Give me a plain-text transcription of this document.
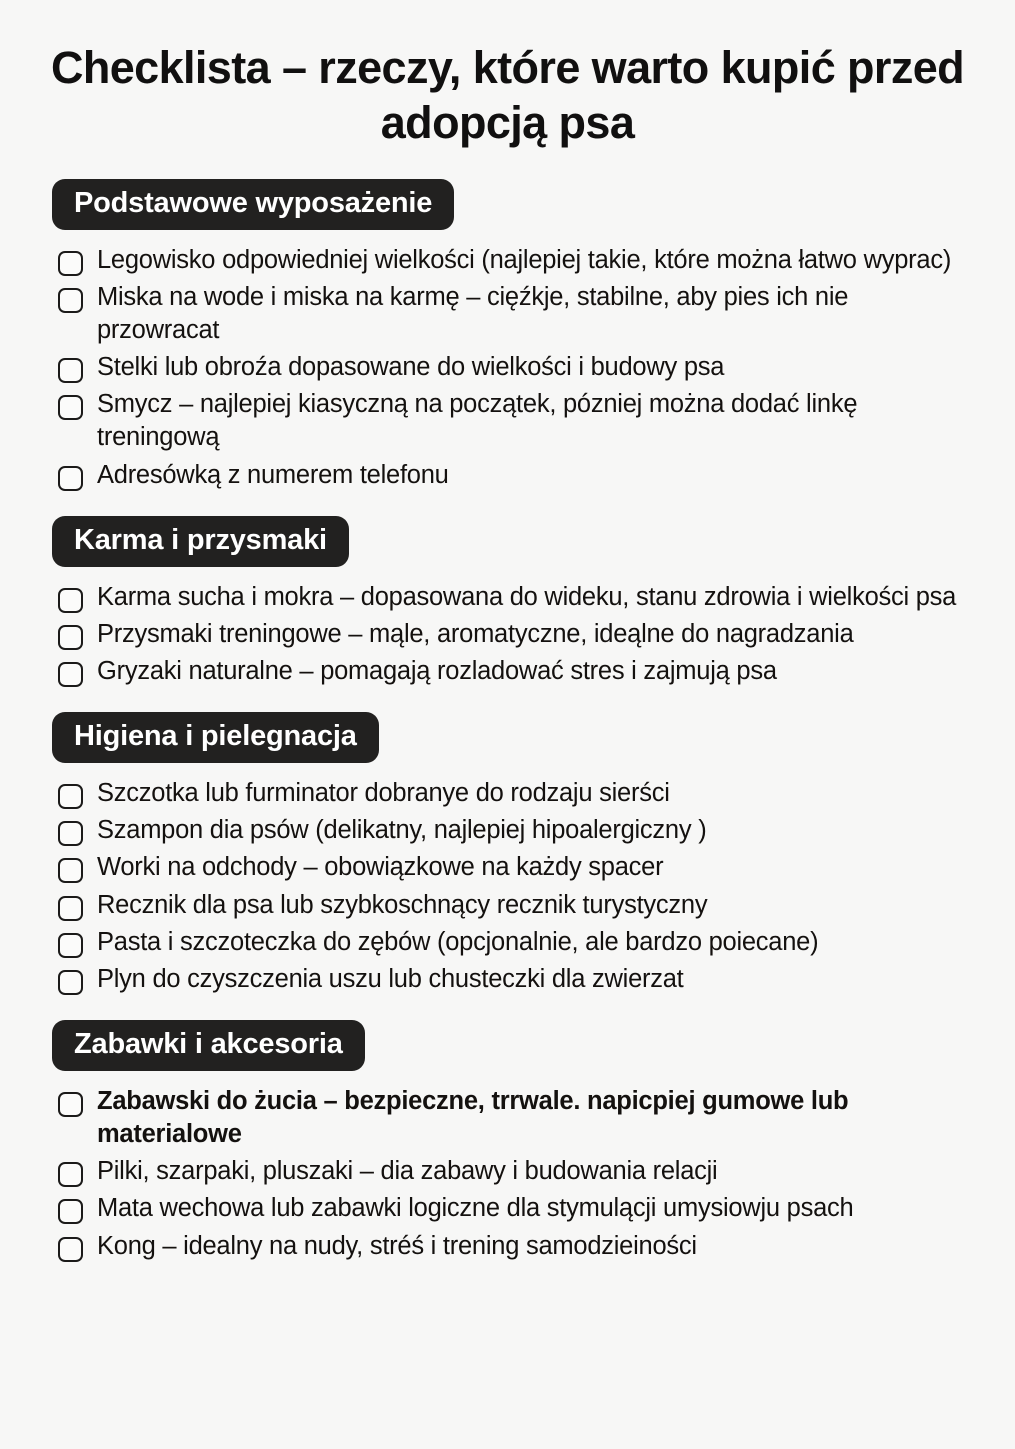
Checklista – rzeczy, które warto kupić przed adopcją psa
Podstawowe wyposażenie
Legowisko odpowiedniej wielkości (najlepiej takie, które można łatwo wyprac)
Miska na wode i miska na karmę – cięźkje, stabilne, aby pies ich nie przowracat
Stelki lub obroźa dopasowane do wielkości i budowy psa
Smycz – najlepiej kiasyczną na początek, pózniej można dodać linkę treningową
Adresówką z numerem telefonu
Karma i przysmaki
Karma sucha i mokra – dopasowana do wideku, stanu zdrowia i wielkości psa
Przysmaki treningowe – mąle, aromatyczne, ideąlne do nagradzania
Gryzaki naturalne – pomagają rozladować stres i zajmują psa
Higiena i pielegnacja
Szczotka lub furminator dobranye do rodzaju sierści
Szampon dia psów (delikatny, najlepiej hipoalergiczny )
Worki na odchody – obowiązkowe na każdy spacer
Recznik dla psa lub szybkoschnący recznik turystyczny
Pasta i szczoteczka do zębów (opcjonalnie, ale bardzo poiecane)
Plyn do czyszczenia uszu lub chusteczki dla zwierzat
Zabawki i akcesoria
Zabawski do żucia – bezpieczne, trrwale. napicpiej gumowe lub materialowe
Pilki, szarpaki, pluszaki – dia zabawy i budowania relacji
Mata wechowa lub zabawki logiczne dla stymulącji umysiowju psach
Kong – idealny na nudy, stréś i trening samodzieiności
